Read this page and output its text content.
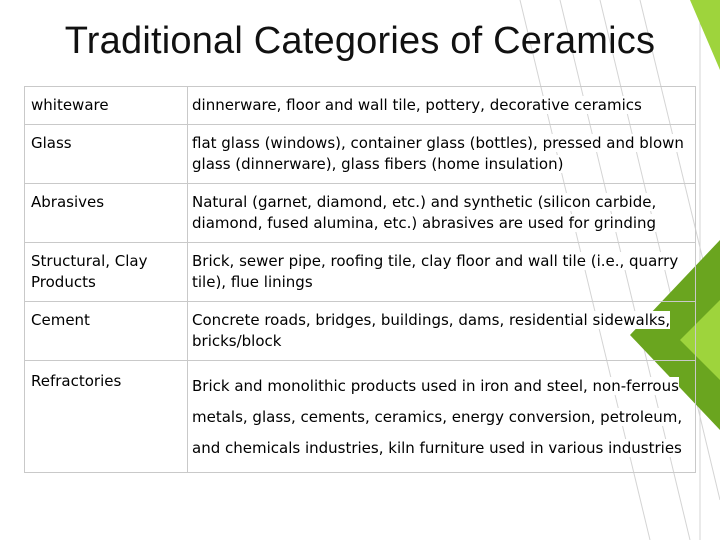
Traditional Categories of Ceramics
whiteware	dinnerware, floor and wall tile, pottery, decorative ceramics
Glass	flat glass (windows), container glass (bottles), pressed and blown glass (dinnerware), glass fibers (home insulation)
Abrasives	Natural (garnet, diamond, etc.) and synthetic (silicon carbide, diamond, fused alumina, etc.) abrasives are used for grinding
Structural, Clay Products	Brick, sewer pipe, roofing tile, clay floor and wall tile (i.e., quarry tile), flue linings
Cement	Concrete roads, bridges, buildings, dams, residential sidewalks, bricks/block
Refractories	Brick and monolithic products used in iron and steel, non-ferrous metals, glass, cements, ceramics, energy conversion, petroleum, and chemicals industries, kiln furniture used in various industries
